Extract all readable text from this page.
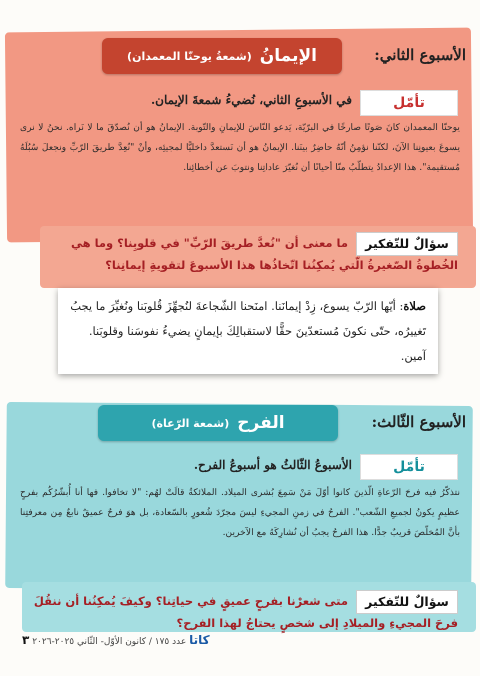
الأسبوع الثاني:
الإيمانُ
(شمعةُ يوحنّا المعمدان)
تأمّل
في الأسبوعِ الثاني، نُضيءُ شمعةَ الإيمان.
يوحنّا المعمدان كانَ صَوتًا صارخًا في البرّيّة، يَدعو النّاسَ للإيمانِ والتّوبة. الإيمانُ هو أن نُصدّقَ ما لا نَراه. نحنُ لا نرى يسوعَ بعيونِنا الآنَ، لكنّنا نؤمِنُ أنّهُ حاضِرٌ بينَنا. الإيمانُ هو أن نَستعدَّ داخليًّا لمجيئِه، وأنْ "نُعِدَّ طريقَ الرّبِّ ونجعلَ سُبُلَهُ مُستقيمة". هذا الإعدادُ يتطلّبُ منّا أحيانًا أن نُغيّرَ عاداتِنا ونتوبَ عن أخطائِنا.
سؤالٌ للتّفكير
ما معنى أن "نُعدَّ طريقَ الرّبِّ" في قلوبِنا؟ وما هي الخُطوةُ الصّغيرةُ الّتي يُمكِنُنا اتّخاذُها هذا الأسبوعَ لتقويةِ إيمانِنا؟
صلاة: أيّها الرّبّ يسوع، زِدْ إيمانَنا. امنَحنا الشّجاعةَ لنُجهِّزَ قُلوبَنا ونُغيِّرَ ما يجبُ تَغييرُه، حتّى نكونَ مُستعدّينَ حقًّا لاستقبالِكَ بإيمانٍ يضيءُ نفوسَنا وقلوبَنا. آمين.
الأسبوع الثّالث:
الفرح
(شمعة الرّعاة)
تأمّل
الأسبوعُ الثّالثُ هو أسبوعُ الفرح.
نتذكّرُ فيه فرحَ الرّعاةِ الّذينَ كانوا أوّلَ مَنْ سَمِعَ بُشرى الميلاد. الملائكةُ قالَتْ لهُم: "لا تخافوا. فها أنا أُبشّرُكُم بفرحٍ عظيمٍ يكونُ لجميعِ الشّعب". الفرحُ في زمنِ المجيءِ ليسَ مجرّدَ شُعورٍ بالسّعادة، بل هوَ فرحٌ عميقٌ نابعٌ مِن معرفتِنا بأنَّ المُخلّصَ قريبٌ جدًّا. هذا الفرحُ يجبُ أن نُشارِكَهُ مع الآخرين.
سؤالٌ للتّفكير
متى شعرْنا بفرحٍ عميقٍ في حياتِنا؟ وكيفَ يُمكِنُنا أن ننقُلَ فرحَ المجيءِ والميلادِ إلى شخصٍ يحتاجُ لهذا الفرح؟
كاتا عدد ١٧٥ / كانون الأوّل- الثّاني ٢٠٢٥-٢٠٢٦ ٣
